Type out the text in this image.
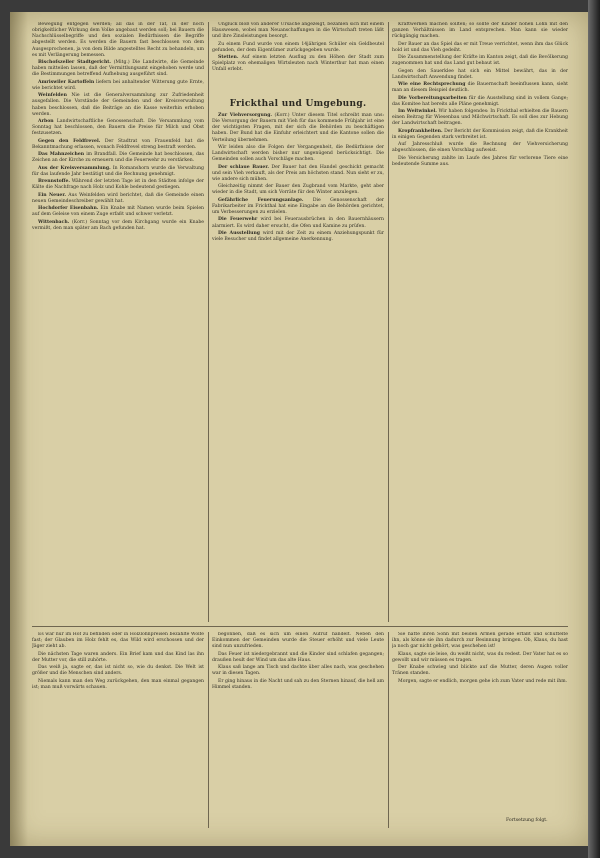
Bewegung entgegen werden; all das in der Tat, in der noch obrigkeitlicher Wirkung dem Volke angebaut werden soll; bei Bauern die Nachschlüsselbegriffe und den sozialen Bedürfnissen die Begriffe abgestellt werden. Es werden die Bauern fast beschlossen von dem Ausgesprochenen, ja von dem Bilde angestelltes Recht zu behandeln, um es mit Verlängerung bemessen.

Bischofszeller Stadtgericht. (Mitg.) Die Landwirte, die Gemeinde haben mitteilen lassen, daß der Vermittlungsamt eingehoben werde und die Bestimmungen betreffend Aufhebung ausgeführt sind.

Amriswiler Kartoffeln liefern bei anhaltender Witterung gute Ernte, wie berichtet wird.

Weinfelden Nie ist die Generalversammlung zur Zufriedenheit ausgefallen. Die Vorstände der Gemeinden und der Kreisverwaltung haben beschlossen, daß die Beiträge an die Kasse weiterhin erhoben werden.

Arbon Landwirtschaftliche Genossenschaft. Die Versammlung vom Sonntag hat beschlossen, den Bauern die Preise für Milch und Obst festzusetzen.

Gegen den Feldfrevel. Der Stadtrat von Frauenfeld hat die Bekanntmachung erlassen, wonach Feldfrevel streng bestraft werden.

Das Mahnzeichen im Brandfall. Die Gemeinde hat beschlossen, das Zeichen an der Kirche zu erneuern und die Feuerwehr zu verstärken.

Aus der Kreisversammlung. In Romanshorn wurde die Verwaltung für das laufende Jahr bestätigt und die Rechnung genehmigt.

Brennstoffe. Während der letzten Tage ist in den Städten infolge der Kälte die Nachfrage nach Holz und Kohle bedeutend gestiegen.

Ein Neuer. Aus Weinfelden wird berichtet, daß die Gemeinde einen neuen Gemeindeschreiber gewählt hat.

Hochdorfer Eisenbahn. Ein Knabe mit Namen wurde beim Spielen auf dem Geleise von einem Zuge erfaßt und schwer verletzt.

Wittenbach. (Korr.) Sonntag vor dem Kirchgang wurde ein Knabe vermißt, den man später am Bach gefunden hat.

Unglück bloß von anderer Ursache angezeigt, bezahlen sich mit einem Hauswesen, wobei man Neuanschaffungen in die Wirtschaft treten läßt und ihre Zinsleistungen besorgt.

Zu einem Fund wurde von einem 14jährigen Schüler ein Geldbeutel gefunden, der dem Eigentümer zurückgegeben wurde.

Stetten. Auf einem letzten Ausflug zu den Höhen der Stadt zum Spielplatz von ehemaligen Wirtsleuten nach Winterthur hat man einen Unfall erlebt.

Frickthal und Umgebung.

Zur Viehversorgung. (Korr.) Unter diesem Titel schreibt man uns: Die Versorgung der Bauern mit Vieh für das kommende Frühjahr ist eine der wichtigsten Fragen, mit der sich die Behörden zu beschäftigen haben. Der Bund hat die Einfuhr erleichtert und die Kantone sollen die Verteilung übernehmen.

Wir leiden also die Folgen der Vergangenheit, die Bedürfnisse der Landwirtschaft werden bisher nur ungenügend berücksichtigt. Die Gemeinden sollen auch Vorschläge machen.

Der schlaue Bauer. Der Bauer hat den Handel geschickt gemacht und sein Vieh verkauft, als der Preis am höchsten stand. Nun sieht er zu, wie andere sich mühen.

Gleichzeitig nimmt der Bauer den Zugbrand vom Markte, geht aber wieder in die Stadt, um sich Vorräte für den Winter anzulegen.

Gefährliche Feuerungsanlage. Die Genossenschaft der Fabrikarbeiter im Frickthal hat eine Eingabe an die Behörden gerichtet, um Verbesserungen zu erzielen.

Die Feuerwehr wird bei Feuerausbrüchen in den Bauernhäusern alarmiert. Es wird daher ersucht, die Ofen und Kamine zu prüfen.

Die Ausstellung wird mit der Zeit zu einem Anziehungspunkt für viele Besucher und findet allgemeine Anerkennung.

Kraftwerken machen sollten; so sollte der Kinder hohen Lohn mit den ganzen Verhältnissen im Land entsprechen. Man kann sie wieder rückgängig machen.

Der Bauer an das Spiel das er mit Treue verrichtet, wenn ihm das Glück hold ist und das Vieh gedeiht.

Die Zusammenstellung der Kräfte im Kanton zeigt, daß die Bevölkerung zugenommen hat und das Land gut bebaut ist.

Gegen den Sauerklee hat sich ein Mittel bewährt, das in der Landwirtschaft Anwendung findet.

Wie eine Rechtsprechung die Bauernschaft beeinflussen kann, sieht man an diesem Beispiel deutlich.

Die Vorbereitungsarbeiten für die Ausstellung sind in vollem Gange; das Komitee hat bereits alle Pläne genehmigt.

Im Weitwinkel. Wir haben folgendes: In Frickthal erhielten die Bauern einen Beitrag für Wiesenbau und Milchwirtschaft. Es soll dies zur Hebung der Landwirtschaft beitragen.

Kropfrankheiten. Der Bericht der Kommission zeigt, daß die Krankheit in einigen Gegenden stark verbreitet ist.

Auf Jahresschluß wurde die Rechnung der Viehversicherung abgeschlossen, die einen Vorschlag aufweist.

Die Versicherung zahlte im Laufe des Jahres für verlorene Tiere eine bedeutende Summe aus.

Es war nur im Hof zu befinden oder in Holzlohnpreisen bezahlte Wölfe fast; der Glauben im Holz fehlt es, das Wild wird erschossen und der Jäger zieht ab.

Die nächsten Tage waren anders. Ein Brief kam und das Kind las ihn der Mutter vor, die still zuhörte.

Das weiß ja, sagte er, das ist nicht so, wie du denkst. Die Welt ist größer und die Menschen sind anders.

Niemals kann man den Weg zurückgehen, den man einmal gegangen ist; man muß vorwärts schauen.

begonnen, daß es sich um einen Aufruf handelt. Neben den Einkommen der Gemeinden wurde die Steuer erhöht und viele Leute sind nun unzufrieden.

Das Feuer ist niedergebrannt und die Kinder sind schlafen gegangen; draußen heult der Wind um das alte Haus.

Klaus saß lange am Tisch und dachte über alles nach, was geschehen war in diesen Tagen.

Er ging hinaus in die Nacht und sah zu den Sternen hinauf, die hell am Himmel standen.

Sie hatte ihren Sohn mit beiden Armen gerade erfaßt und schüttelte ihn, als könne sie ihn dadurch zur Besinnung bringen. Ob, Klaus, du hast ja noch gar nicht gehört, was geschehen ist!

Klaus, sagte sie leise, du weißt nicht, was du redest. Der Vater hat es so gewollt und wir müssen es tragen.

Der Knabe schwieg und blickte auf die Mutter, deren Augen voller Tränen standen.

Morgen, sagte er endlich, morgen gehe ich zum Vater und rede mit ihm.

Fortsetzung folgt.
